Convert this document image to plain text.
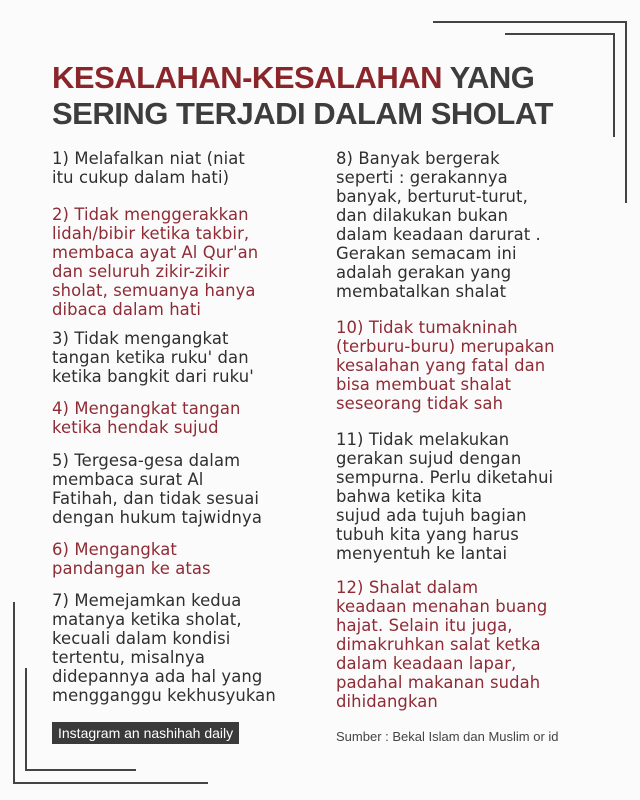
KESALAHAN-KESALAHAN YANG
SERING TERJADI DALAM SHOLAT
1) Melafalkan niat (niat
itu cukup dalam hati)
2) Tidak menggerakkan
lidah/bibir ketika takbir,
membaca ayat Al Qur'an
dan seluruh zikir-zikir
sholat, semuanya hanya
dibaca dalam hati
3) Tidak mengangkat
tangan ketika ruku' dan
ketika bangkit dari ruku'
4) Mengangkat tangan
ketika hendak sujud
5) Tergesa-gesa dalam
membaca surat Al
Fatihah, dan tidak sesuai
dengan hukum tajwidnya
6) Mengangkat
pandangan ke atas
7) Memejamkan kedua
matanya ketika sholat,
kecuali dalam kondisi
tertentu, misalnya
didepannya ada hal yang
mengganggu kekhusyukan
8) Banyak bergerak
seperti : gerakannya
banyak, berturut-turut,
dan dilakukan bukan
dalam keadaan darurat .
Gerakan semacam ini
adalah gerakan yang
membatalkan shalat
10) Tidak tumakninah
(terburu-buru) merupakan
kesalahan yang fatal dan
bisa membuat shalat
seseorang tidak sah
11) Tidak melakukan
gerakan sujud dengan
sempurna. Perlu diketahui
bahwa ketika kita
sujud ada tujuh bagian
tubuh kita yang harus
menyentuh ke lantai
12) Shalat dalam
keadaan menahan buang
hajat. Selain itu juga,
dimakruhkan salat ketka
dalam keadaan lapar,
padahal makanan sudah
dihidangkan
Instagram an nashihah daily	Sumber : Bekal Islam dan Muslim or id
